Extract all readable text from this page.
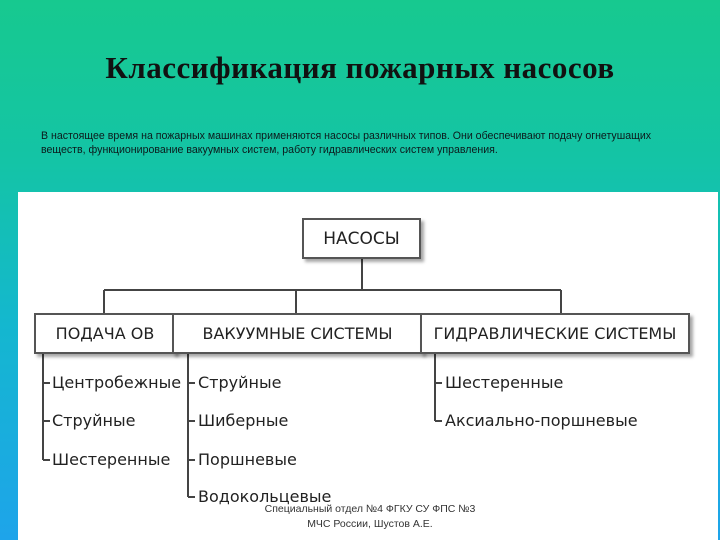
Классификация пожарных насосов
В настоящее время на пожарных машинах применяются насосы различных типов. Они обеспечивают подачу огнетушащих веществ, функционирование вакуумных систем, работу гидравлических систем управления.
НАСОСЫ
ПОДАЧА ОВ	ВАКУУМНЫЕ СИСТЕМЫ	ГИДРАВЛИЧЕСКИЕ СИСТЕМЫ
Центробежные
Струйные
Шестеренные
Струйные
Шиберные
Поршневые
Водокольцевые
Шестеренные
Аксиально-поршневые
Специальный отдел №4 ФГКУ СУ ФПС №3
МЧС России, Шустов А.Е.
